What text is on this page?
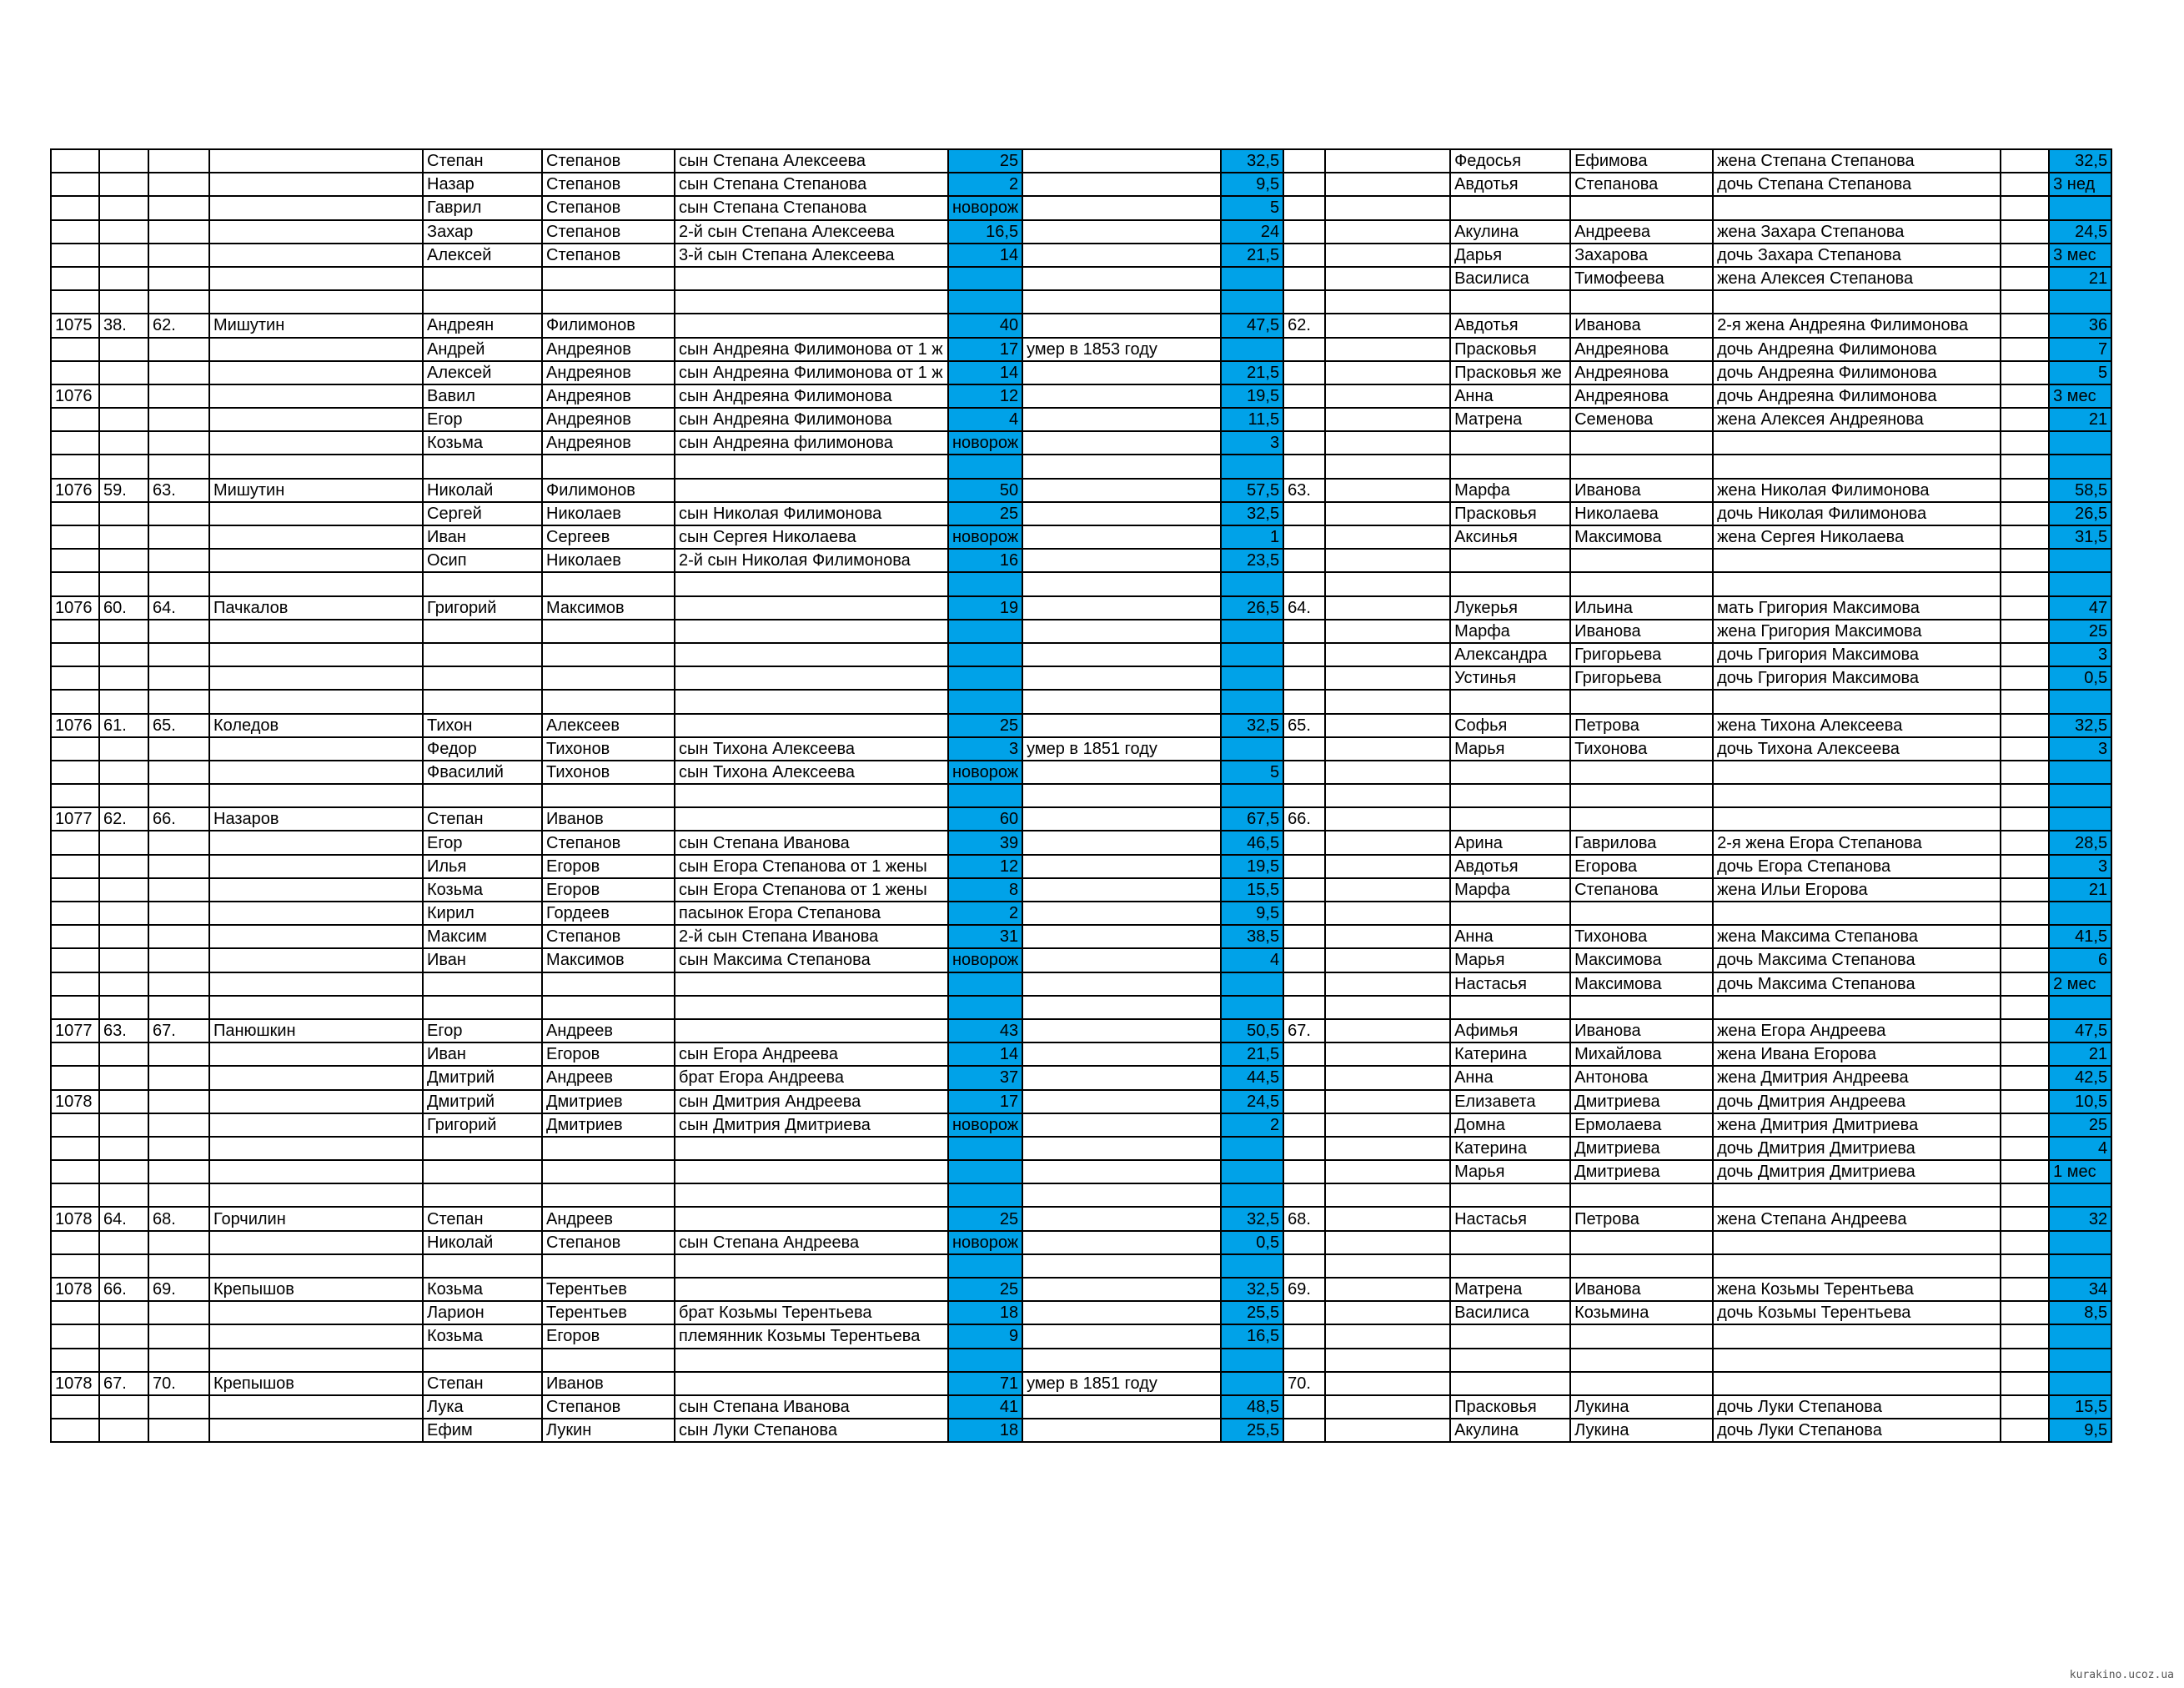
				Степан	Степанов	сын Степана Алексеева	25		32,5			Федосья	Ефимова	жена Степана Степанова		32,5
				Назар	Степанов	сын Степана Степанова	2		9,5			Авдотья	Степанова	дочь Степана Степанова		3 нед
				Гаврил	Степанов	сын Степана Степанова	новорож		5							
				Захар	Степанов	2-й сын Степана Алексеева	16,5		24			Акулина	Андреева	жена Захара Степанова		24,5
				Алексей	Степанов	3-й сын Степана Алексеева	14		21,5			Дарья	Захарова	дочь Захара Степанова		3 мес
												Василиса	Тимофеева	жена Алексея Степанова		21

1075	38.	62.	Мишутин	Андреян	Филимонов		40		47,5	62.		Авдотья	Иванова	2-я жена Андреяна Филимонова		36
				Андрей	Андреянов	сын Андреяна Филимонова от 1 ж	17	умер в 1853 году				Прасковья	Андреянова	дочь Андреяна Филимонова		7
				Алексей	Андреянов	сын Андреяна Филимонова от 1 ж	14		21,5			Прасковья же	Андреянова	дочь Андреяна Филимонова		5
1076				Вавил	Андреянов	сын Андреяна Филимонова	12		19,5			Анна	Андреянова	дочь Андреяна Филимонова		3 мес
				Егор	Андреянов	сын Андреяна Филимонова	4		11,5			Матрена	Семенова	жена Алексея Андреянова		21
				Козьма	Андреянов	сын Андреяна филимонова	новорож		3							

1076	59.	63.	Мишутин	Николай	Филимонов		50		57,5	63.		Марфа	Иванова	жена Николая Филимонова		58,5
				Сергей	Николаев	сын Николая Филимонова	25		32,5			Прасковья	Николаева	дочь Николая Филимонова		26,5
				Иван	Сергеев	сын Сергея Николаева	новорож		1			Аксинья	Максимова	жена Сергея Николаева		31,5
				Осип	Николаев	2-й сын Николая Филимонова	16		23,5							

1076	60.	64.	Пачкалов	Григорий	Максимов		19		26,5	64.		Лукерья	Ильина	мать Григория Максимова		47
												Марфа	Иванова	жена Григория Максимова		25
												Александра	Григорьева	дочь Григория Максимова		3
												Устинья	Григорьева	дочь Григория Максимова		0,5

1076	61.	65.	Коледов	Тихон	Алексеев		25		32,5	65.		Софья	Петрова	жена Тихона Алексеева		32,5
				Федор	Тихонов	сын Тихона Алексеева	3	умер в 1851 году				Марья	Тихонова	дочь Тихона Алексеева		3
				Фвасилий	Тихонов	сын Тихона Алексеева	новорож		5							

1077	62.	66.	Назаров	Степан	Иванов		60		67,5	66.						
				Егор	Степанов	сын Степана Иванова	39		46,5			Арина	Гаврилова	2-я жена Егора Степанова		28,5
				Илья	Егоров	сын Егора Степанова от 1 жены	12		19,5			Авдотья	Егорова	дочь Егора Степанова		3
				Козьма	Егоров	сын Егора Степанова от 1 жены	8		15,5			Марфа	Степанова	жена Ильи Егорова		21
				Кирил	Гордеев	пасынок Егора Степанова	2		9,5							
				Максим	Степанов	2-й сын Степана Иванова	31		38,5			Анна	Тихонова	жена Максима Степанова		41,5
				Иван	Максимов	сын Максима Степанова	новорож		4			Марья	Максимова	дочь Максима Степанова		6
												Настасья	Максимова	дочь Максима Степанова		2 мес

1077	63.	67.	Панюшкин	Егор	Андреев		43		50,5	67.		Афимья	Иванова	жена Егора Андреева		47,5
				Иван	Егоров	сын Егора Андреева	14		21,5			Катерина	Михайлова	жена Ивана Егорова		21
				Дмитрий	Андреев	брат Егора Андреева	37		44,5			Анна	Антонова	жена Дмитрия Андреева		42,5
1078				Дмитрий	Дмитриев	сын Дмитрия Андреева	17		24,5			Елизавета	Дмитриева	дочь Дмитрия Андреева		10,5
				Григорий	Дмитриев	сын Дмитрия Дмитриева	новорож		2			Домна	Ермолаева	жена Дмитрия Дмитриева		25
												Катерина	Дмитриева	дочь Дмитрия Дмитриева		4
												Марья	Дмитриева	дочь Дмитрия Дмитриева		1 мес

1078	64.	68.	Горчилин	Степан	Андреев		25		32,5	68.		Настасья	Петрова	жена Степана Андреева		32
				Николай	Степанов	сын Степана Андреева	новорож		0,5							

1078	66.	69.	Крепышов	Козьма	Терентьев		25		32,5	69.		Матрена	Иванова	жена Козьмы Терентьева		34
				Ларион	Терентьев	брат Козьмы Терентьева	18		25,5			Василиса	Козьмина	дочь Козьмы Терентьева		8,5
				Козьма	Егоров	племянник Козьмы Терентьева	9		16,5							

1078	67.	70.	Крепышов	Степан	Иванов		71	умер в 1851 году		70.						
				Лука	Степанов	сын Степана Иванова	41		48,5			Прасковья	Лукина	дочь Луки Степанова		15,5
				Ефим	Лукин	сын Луки Степанова	18		25,5			Акулина	Лукина	дочь Луки Степанова		9,5
kurakino.ucoz.ua
